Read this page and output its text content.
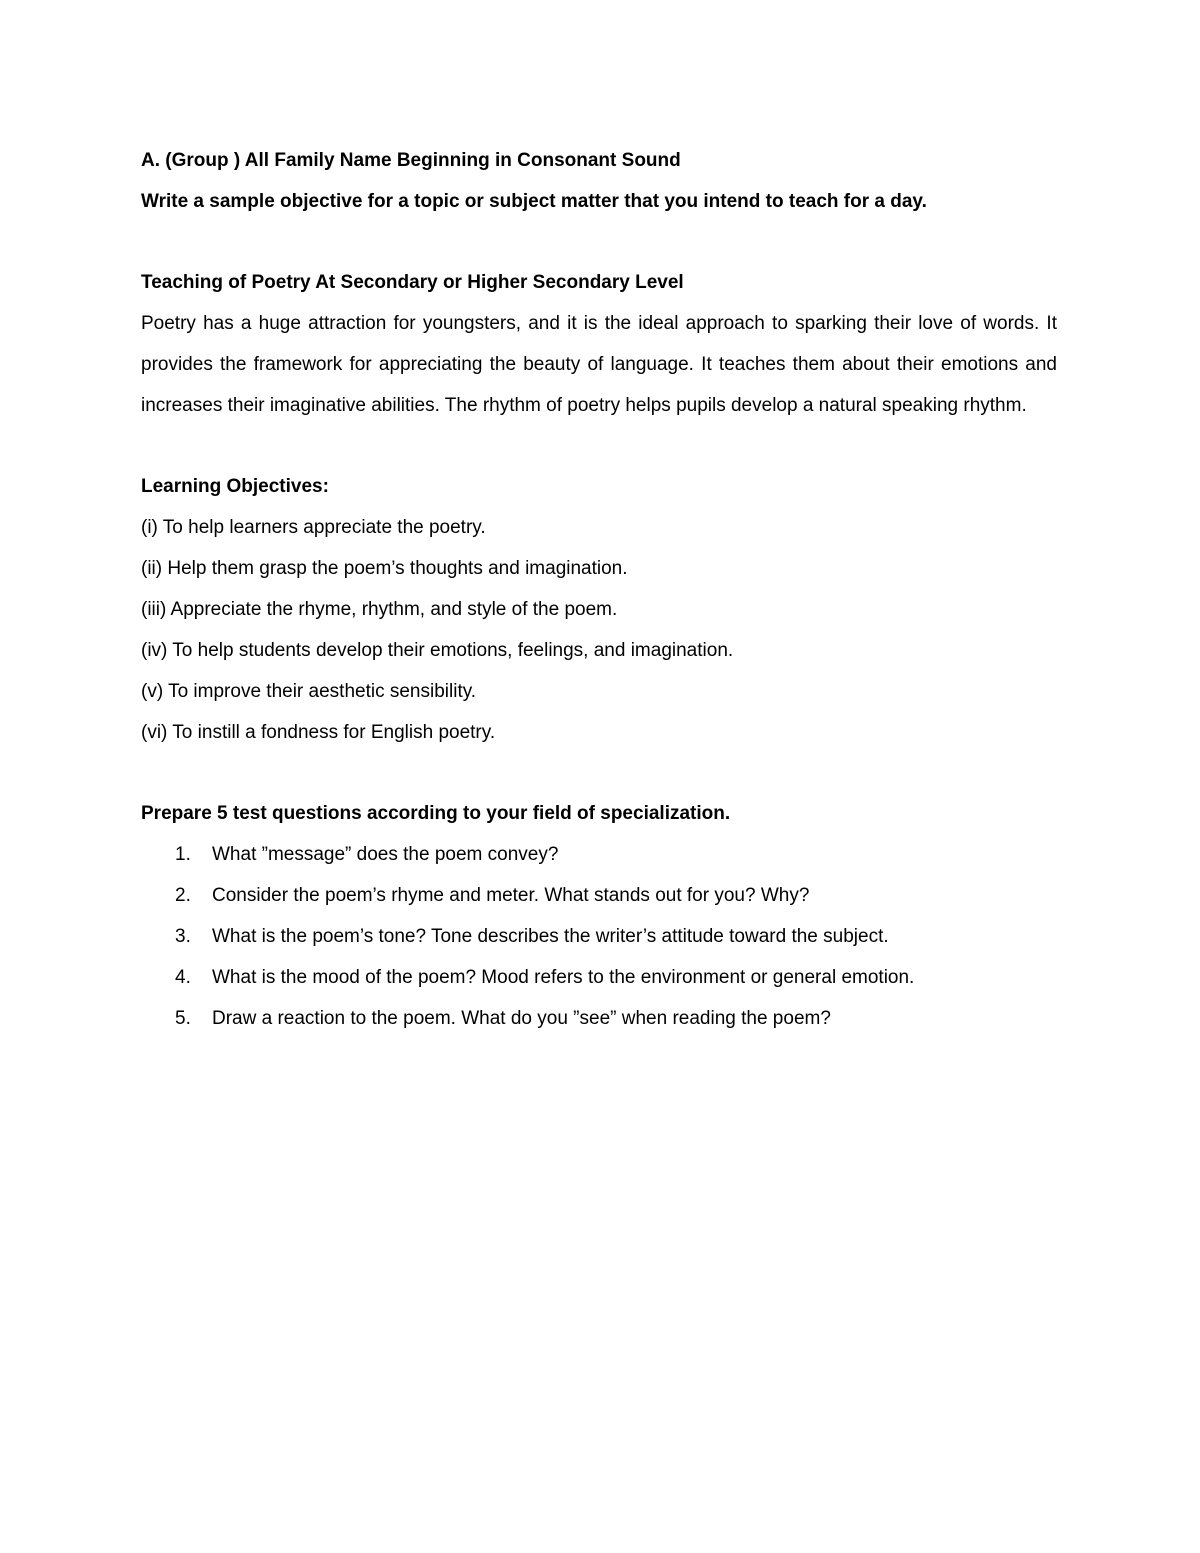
A. (Group ) All Family Name Beginning in Consonant Sound

Write a sample objective for a topic or subject matter that you intend to teach for a day.

Teaching of Poetry At Secondary or Higher Secondary Level

Poetry has a huge attraction for youngsters, and it is the ideal approach to sparking their love of words. It provides the framework for appreciating the beauty of language. It teaches them about their emotions and increases their imaginative abilities. The rhythm of poetry helps pupils develop a natural speaking rhythm.

Learning Objectives:

(i) To help learners appreciate the poetry.

(ii) Help them grasp the poem’s thoughts and imagination.

(iii) Appreciate the rhyme, rhythm, and style of the poem.

(iv) To help students develop their emotions, feelings, and imagination.

(v) To improve their aesthetic sensibility.

(vi) To instill a fondness for English poetry.

Prepare 5 test questions according to your field of specialization.

1. What ”message” does the poem convey?
2. Consider the poem’s rhyme and meter. What stands out for you? Why?
3. What is the poem’s tone? Tone describes the writer’s attitude toward the subject.
4. What is the mood of the poem? Mood refers to the environment or general emotion.
5. Draw a reaction to the poem. What do you ”see” when reading the poem?
